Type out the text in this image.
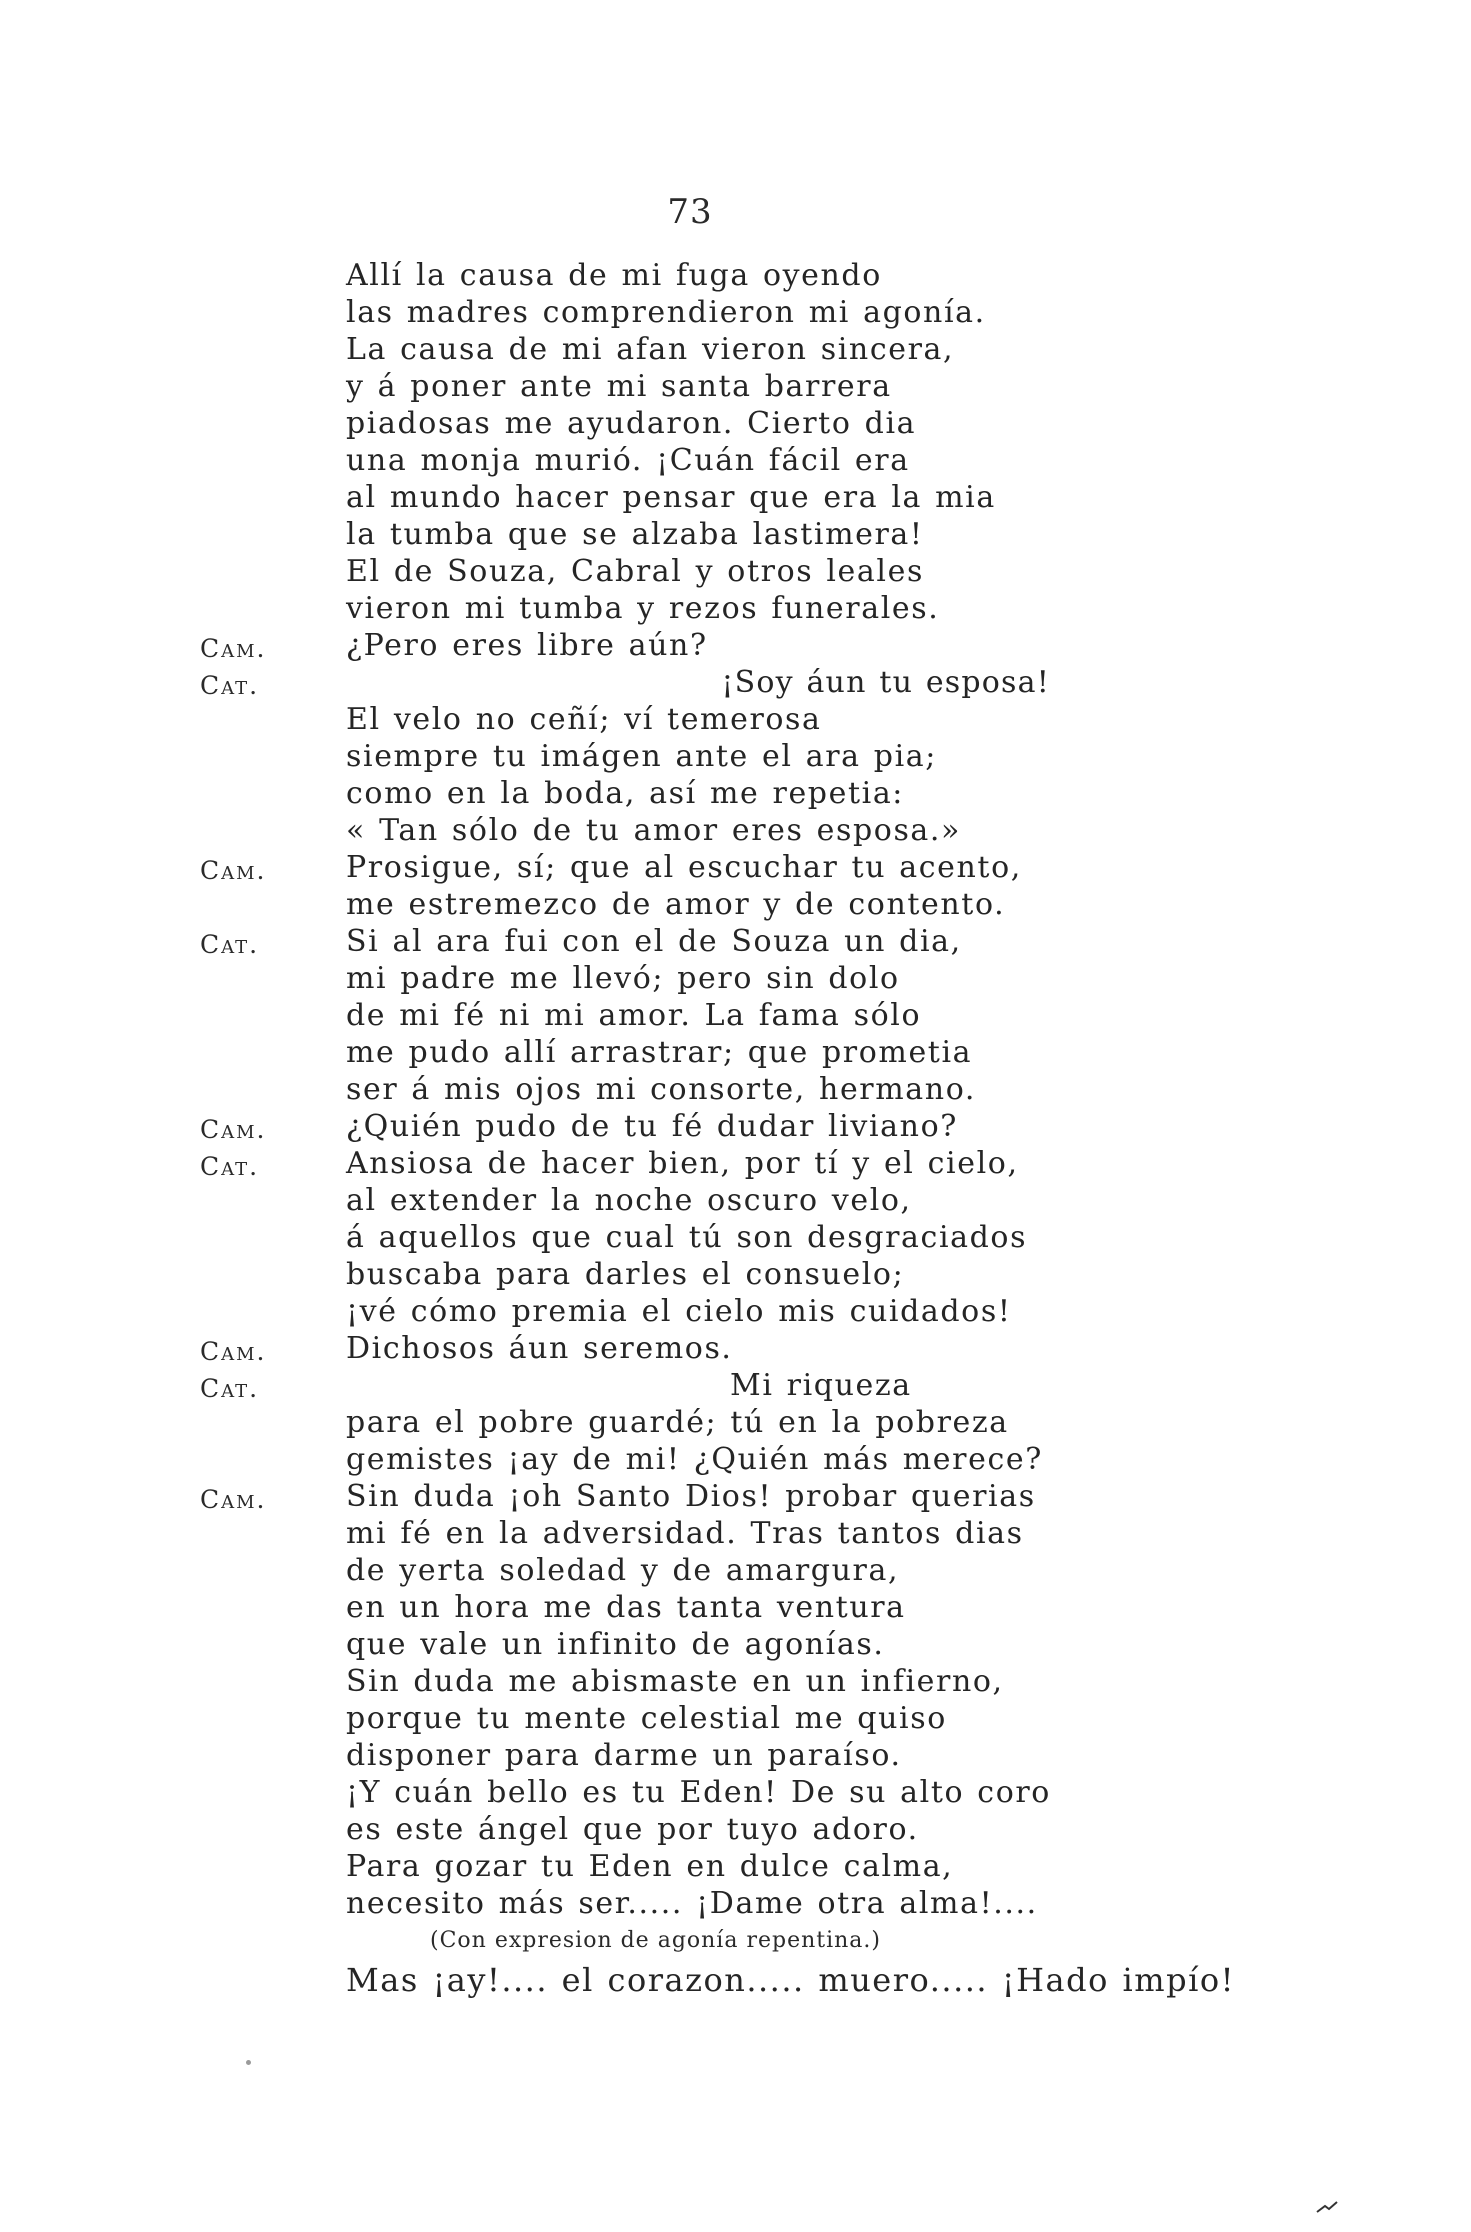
73
Allí la causa de mi fuga oyendo
las madres comprendieron mi agonía.
La causa de mi afan vieron sincera,
y á poner ante mi santa barrera
piadosas me ayudaron. Cierto dia
una monja murió. ¡Cuán fácil era
al mundo hacer pensar que era la mia
la tumba que se alzaba lastimera!
El de Souza, Cabral y otros leales
vieron mi tumba y rezos funerales.
Cam.	¿Pero eres libre aún?
Cat.	¡Soy áun tu esposa!
El velo no ceñí; ví temerosa
siempre tu imágen ante el ara pia;
como en la boda, así me repetia:
« Tan sólo de tu amor eres esposa.»
Cam.	Prosigue, sí; que al escuchar tu acento,
me estremezco de amor y de contento.
Cat.	Si al ara fui con el de Souza un dia,
mi padre me llevó; pero sin dolo
de mi fé ni mi amor. La fama sólo
me pudo allí arrastrar; que prometia
ser á mis ojos mi consorte, hermano.
Cam.	¿Quién pudo de tu fé dudar liviano?
Cat.	Ansiosa de hacer bien, por tí y el cielo,
al extender la noche oscuro velo,
á aquellos que cual tú son desgraciados
buscaba para darles el consuelo;
¡vé cómo premia el cielo mis cuidados!
Cam.	Dichosos áun seremos.
Cat.	Mi riqueza
para el pobre guardé; tú en la pobreza
gemistes ¡ay de mi! ¿Quién más merece?
Cam.	Sin duda ¡oh Santo Dios! probar querias
mi fé en la adversidad. Tras tantos dias
de yerta soledad y de amargura,
en un hora me das tanta ventura
que vale un infinito de agonías.
Sin duda me abismaste en un infierno,
porque tu mente celestial me quiso
disponer para darme un paraíso.
¡Y cuán bello es tu Eden! De su alto coro
es este ángel que por tuyo adoro.
Para gozar tu Eden en dulce calma,
necesito más ser..... ¡Dame otra alma!....
(Con expresion de agonía repentina.)
Mas ¡ay!.... el corazon..... muero..... ¡Hado impío!
